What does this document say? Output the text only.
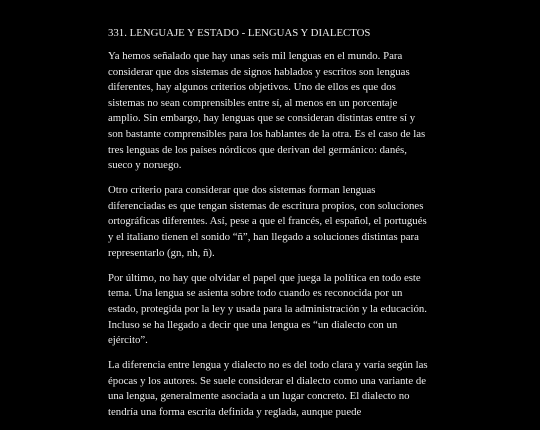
331. LENGUAJE Y ESTADO - LENGUAS Y DIALECTOS

Ya hemos señalado que hay unas seis mil lenguas en el mundo. Para considerar que dos sistemas de signos hablados y escritos son lenguas diferentes, hay algunos criterios objetivos. Uno de ellos es que dos sistemas no sean comprensibles entre sí, al menos en un porcentaje amplio. Sin embargo, hay lenguas que se consideran distintas entre sí y son bastante comprensibles para los hablantes de la otra. Es el caso de las tres lenguas de los países nórdicos que derivan del germánico: danés, sueco y noruego.

Otro criterio para considerar que dos sistemas forman lenguas diferenciadas es que tengan sistemas de escritura propios, con soluciones ortográficas diferentes. Así, pese a que el francés, el español, el portugués y el italiano tienen el sonido “ñ”, han llegado a soluciones distintas para representarlo (gn, nh, ñ).

Por último, no hay que olvidar el papel que juega la política en todo este tema. Una lengua se asienta sobre todo cuando es reconocida por un estado, protegida por la ley y usada para la administración y la educación. Incluso se ha llegado a decir que una lengua es “un dialecto con un ejército”.

La diferencia entre lengua y dialecto no es del todo clara y varía según las épocas y los autores. Se suele considerar el dialecto como una variante de una lengua, generalmente asociada a un lugar concreto. El dialecto no tendría una forma escrita definida y reglada, aunque puede
